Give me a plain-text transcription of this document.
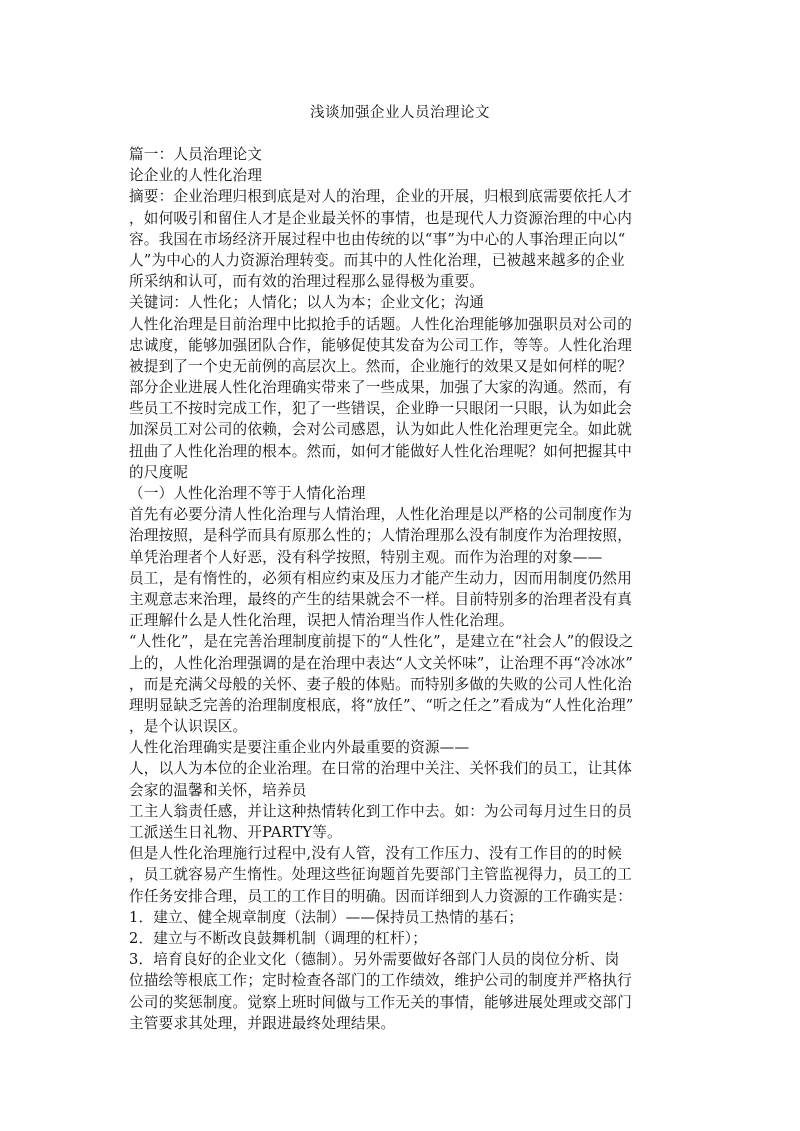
浅谈加强企业人员治理论文
篇一：人员治理论文
论企业的人性化治理
摘要：企业治理归根到底是对人的治理，企业的开展，归根到底需要依托人才
，如何吸引和留住人才是企业最关怀的事情，也是现代人力资源治理的中心内
容。我国在市场经济开展过程中也由传统的以“事”为中心的人事治理正向以“
人”为中心的人力资源治理转变。而其中的人性化治理，已被越来越多的企业
所采纳和认可，而有效的治理过程那么显得极为重要。
关键词：人性化；人情化；以人为本；企业文化；沟通
人性化治理是目前治理中比拟抢手的话题。人性化治理能够加强职员对公司的
忠诚度，能够加强团队合作，能够促使其发奋为公司工作，等等。人性化治理
被提到了一个史无前例的高层次上。然而，企业施行的效果又是如何样的呢？
部分企业进展人性化治理确实带来了一些成果，加强了大家的沟通。然而，有
些员工不按时完成工作，犯了一些错误，企业睁一只眼闭一只眼，认为如此会
加深员工对公司的依赖，会对公司感恩，认为如此人性化治理更完全。如此就
扭曲了人性化治理的根本。然而，如何才能做好人性化治理呢？如何把握其中
的尺度呢
（一）人性化治理不等于人情化治理
首先有必要分清人性化治理与人情治理，人性化治理是以严格的公司制度作为
治理按照，是科学而具有原那么性的；人情治理那么没有制度作为治理按照，
单凭治理者个人好恶，没有科学按照，特别主观。而作为治理的对象——
员工，是有惰性的，必须有相应约束及压力才能产生动力，因而用制度仍然用
主观意志来治理，最终的产生的结果就会不一样。目前特别多的治理者没有真
正理解什么是人性化治理，误把人情治理当作人性化治理。
“人性化”，是在完善治理制度前提下的“人性化”，是建立在“社会人”的假设之
上的，人性化治理强调的是在治理中表达“人文关怀味”，让治理不再“冷冰冰”
，而是充满父母般的关怀、妻子般的体贴。而特别多做的失败的公司人性化治
理明显缺乏完善的治理制度根底，将“放任”、“听之任之”看成为“人性化治理”
，是个认识误区。
人性化治理确实是要注重企业内外最重要的资源——
人，以人为本位的企业治理。在日常的治理中关注、关怀我们的员工，让其体
会家的温馨和关怀，培养员
工主人翁责任感，并让这种热情转化到工作中去。如：为公司每月过生日的员
工派送生日礼物、开PARTY等。
但是人性化治理施行过程中,没有人管，没有工作压力、没有工作目的的时候
，员工就容易产生惰性。处理这些征询题首先要部门主管监视得力，员工的工
作任务安排合理，员工的工作目的明确。因而详细到人力资源的工作确实是：
1．建立、健全规章制度（法制）——保持员工热情的基石；
2．建立与不断改良鼓舞机制（调理的杠杆）；
3．培育良好的企业文化（德制）。另外需要做好各部门人员的岗位分析、岗
位描绘等根底工作；定时检查各部门的工作绩效，维护公司的制度并严格执行
公司的奖惩制度。觉察上班时间做与工作无关的事情，能够进展处理或交部门
主管要求其处理，并跟进最终处理结果。
